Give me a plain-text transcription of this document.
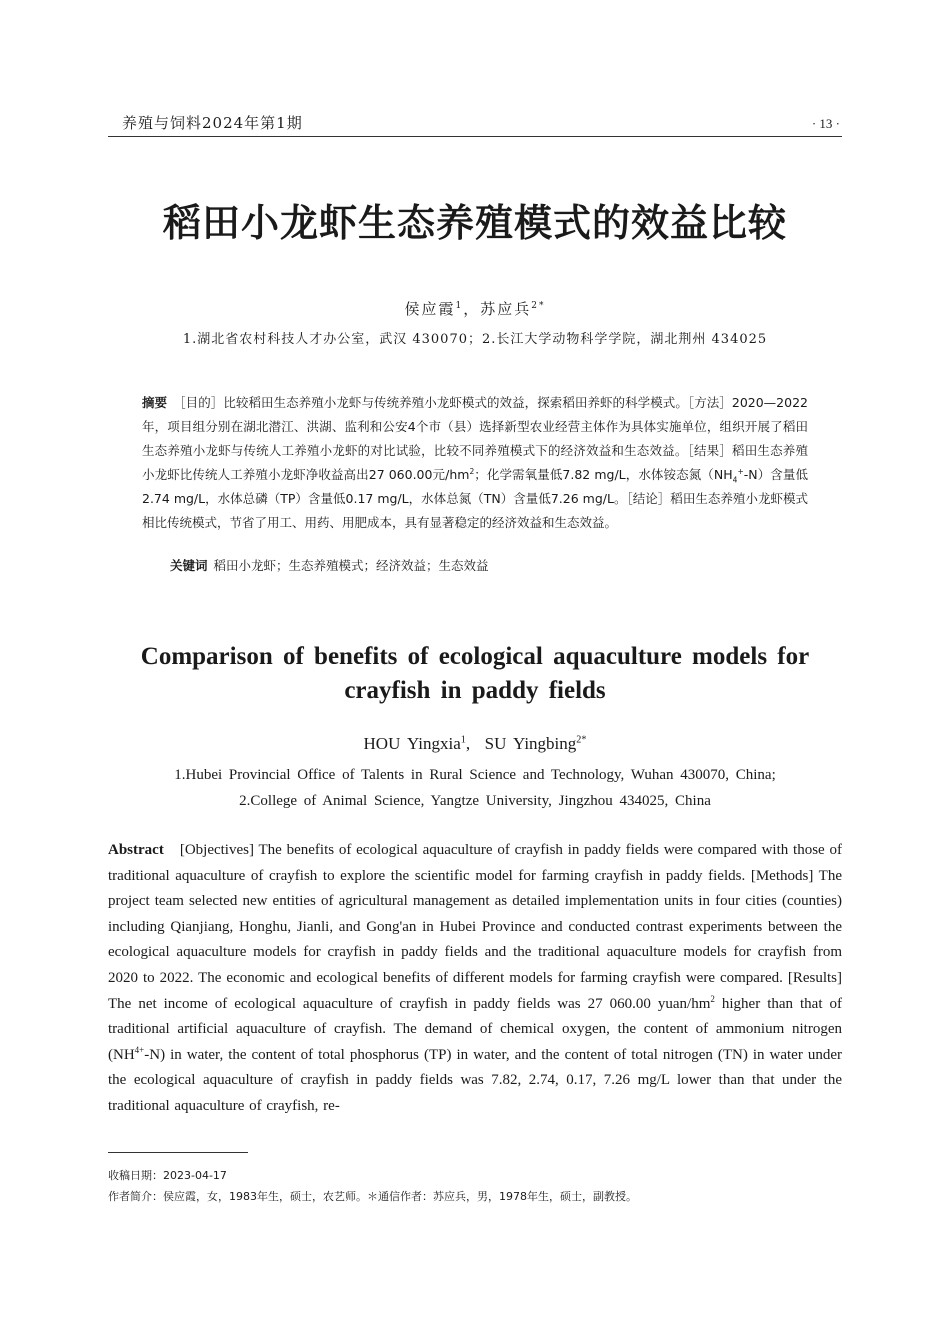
养殖与饲料2024年第1期	· 13 ·
稻田小龙虾生态养殖模式的效益比较
侯应霞$^1$，苏应兵$^{2*}$
1.湖北省农村科技人才办公室，武汉 430070；2.长江大学动物科学学院，湖北荆州 434025
摘要 ［目的］比较稻田生态养殖小龙虾与传统养殖小龙虾模式的效益，探索稻田养虾的科学模式。［方法］2020—2022年，项目组分别在湖北潜江、洪湖、监利和公安4个市（县）选择新型农业经营主体作为具体实施单位，组织开展了稻田生态养殖小龙虾与传统人工养殖小龙虾的对比试验，比较不同养殖模式下的经济效益和生态效益。［结果］稻田生态养殖小龙虾比传统人工养殖小龙虾净收益高出27 060.00元$/hm^2$；化学需氧量低7.82 mg/L，水体铵态氮$(NH_4^+-N)$含量低2.74 mg/L，水体总磷（TP）含量低0.17 mg/L，水体总氮（TN）含量低7.26 mg/L。［结论］稻田生态养殖小龙虾模式相比传统模式，节省了用工、用药、用肥成本，具有显著稳定的经济效益和生态效益。
关键词 稻田小龙虾；生态养殖模式；经济效益；生态效益
Comparison of benefits of ecological aquaculture models for crayfish in paddy fields
HOU Yingxia$^1$,  SU Yingbing$^{2*}$
1.Hubei Provincial Office of Talents in Rural Science and Technology, Wuhan 430070, China;
2.College of Animal Science, Yangtze University, Jingzhou 434025, China
Abstract [Objectives] The benefits of ecological aquaculture of crayfish in paddy fields were compared with those of traditional aquaculture of crayfish to explore the scientific model for farming crayfish in paddy fields. [Methods] The project team selected new entities of agricultural management as detailed implementation units in four cities (counties) including Qianjiang, Honghu, Jianli, and Gong'an in Hubei Province and conducted contrast experiments between the ecological aquaculture models for crayfish in paddy fields and the traditional aquaculture models for crayfish from 2020 to 2022. The economic and ecological benefits of different models for farming crayfish were compared. [Results] The net income of ecological aquaculture of crayfish in paddy fields was 27 060.00 yuan/$hm^2$ higher than that of traditional artificial aquaculture of crayfish. The demand of chemical oxygen, the content of ammonium nitrogen $(NH^{4+}-N)$ in water, the content of total phosphorus (TP) in water, and the content of total nitrogen (TN) in water under the ecological aquaculture of crayfish in paddy fields was 7.82, 2.74, 0.17, 7.26 mg/L lower than that under the traditional aquaculture of crayfish, re-
收稿日期：2023-04-17
作者简介：侯应霞，女，1983年生，硕士，农艺师。＊通信作者：苏应兵，男，1978年生，硕士，副教授。
